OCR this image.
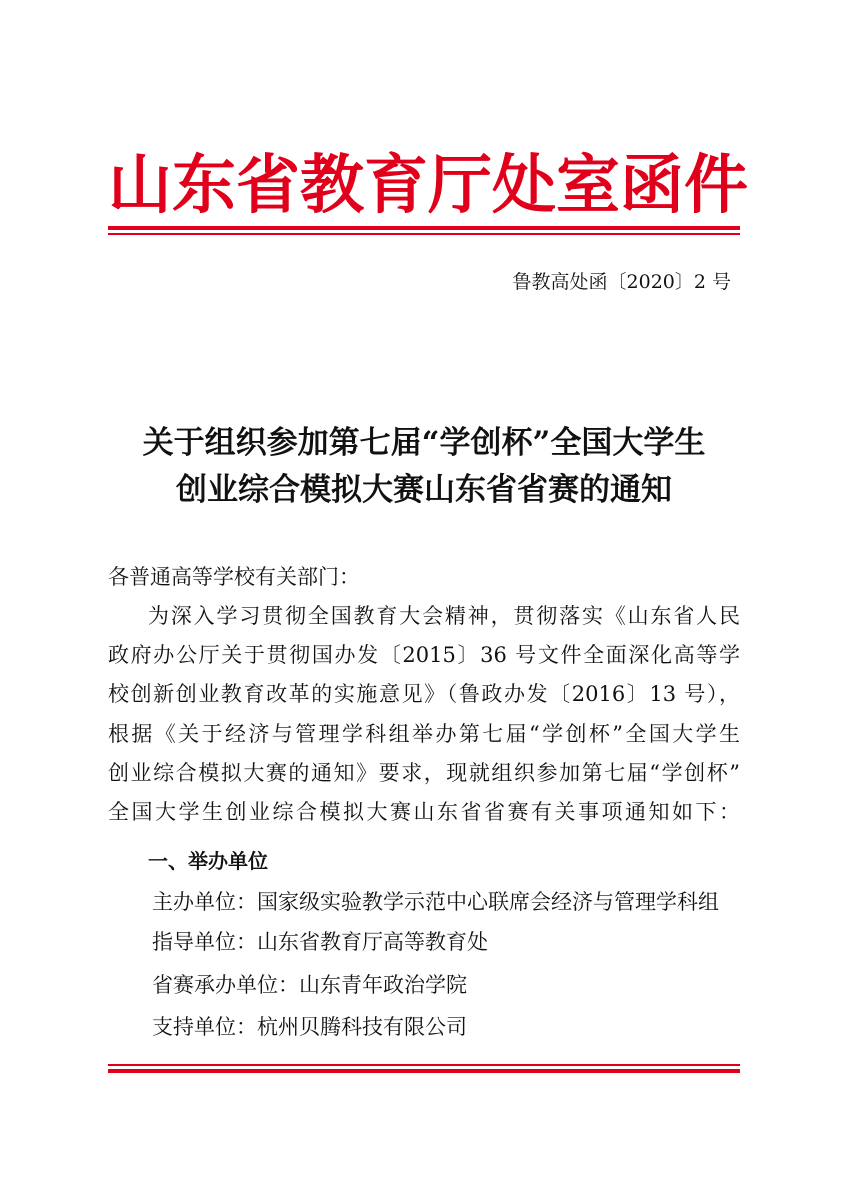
山东省教育厅处室函件
鲁教高处函〔2020〕2 号
关于组织参加第七届“学创杯”全国大学生
创业综合模拟大赛山东省省赛的通知
各普通高等学校有关部门：
为深入学习贯彻全国教育大会精神，贯彻落实《山东省人民
政府办公厅关于贯彻国办发〔2015〕36 号文件全面深化高等学
校创新创业教育改革的实施意见》（鲁政办发〔2016〕13 号），
根据《关于经济与管理学科组举办第七届“学创杯”全国大学生
创业综合模拟大赛的通知》要求，现就组织参加第七届“学创杯”
全国大学生创业综合模拟大赛山东省省赛有关事项通知如下：
一、举办单位
主办单位：国家级实验教学示范中心联席会经济与管理学科组
指导单位：山东省教育厅高等教育处
省赛承办单位：山东青年政治学院
支持单位：杭州贝腾科技有限公司
